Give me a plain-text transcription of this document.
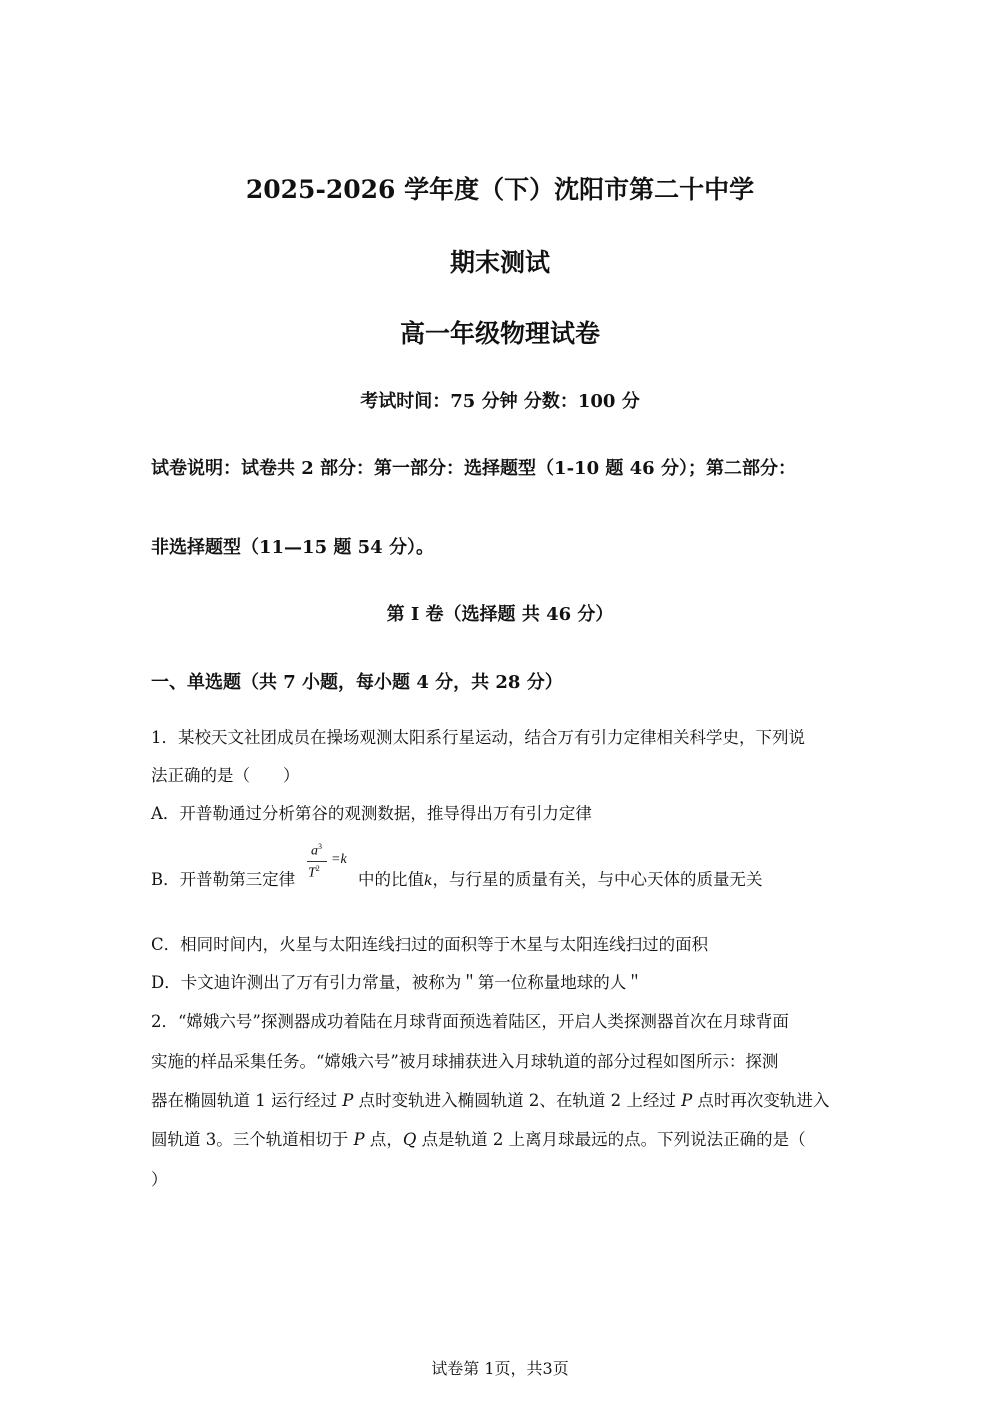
2025-2026 学年度（下）沈阳市第二十中学
期末测试
高一年级物理试卷
考试时间：75 分钟 分数：100 分
试卷说明：试卷共 2 部分：第一部分：选择题型（1-10 题 46 分）；第二部分：
非选择题型（11—15 题 54 分）。
第 I 卷（选择题 共 46 分）
一、单选题（共 7 小题，每小题 4 分，共 28 分）
1．某校天文社团成员在操场观测太阳系行星运动，结合万有引力定律相关科学史，下列说
法正确的是（　　）
A．开普勒通过分析第谷的观测数据，推导得出万有引力定律
B．开普勒第三定律
$a^3$
$T^2$
=k
中的比值k，与行星的质量有关，与中心天体的质量无关
C．相同时间内，火星与太阳连线扫过的面积等于木星与太阳连线扫过的面积
D．卡文迪许测出了万有引力常量，被称为＂第一位称量地球的人＂
2．“嫦娥六号”探测器成功着陆在月球背面预选着陆区，开启人类探测器首次在月球背面
实施的样品采集任务。“嫦娥六号”被月球捕获进入月球轨道的部分过程如图所示：探测
器在椭圆轨道 1 运行经过 P 点时变轨进入椭圆轨道 2、在轨道 2 上经过 P 点时再次变轨进入
圆轨道 3。三个轨道相切于 P 点，Q 点是轨道 2 上离月球最远的点。下列说法正确的是（
）
试卷第 1页，共3页
